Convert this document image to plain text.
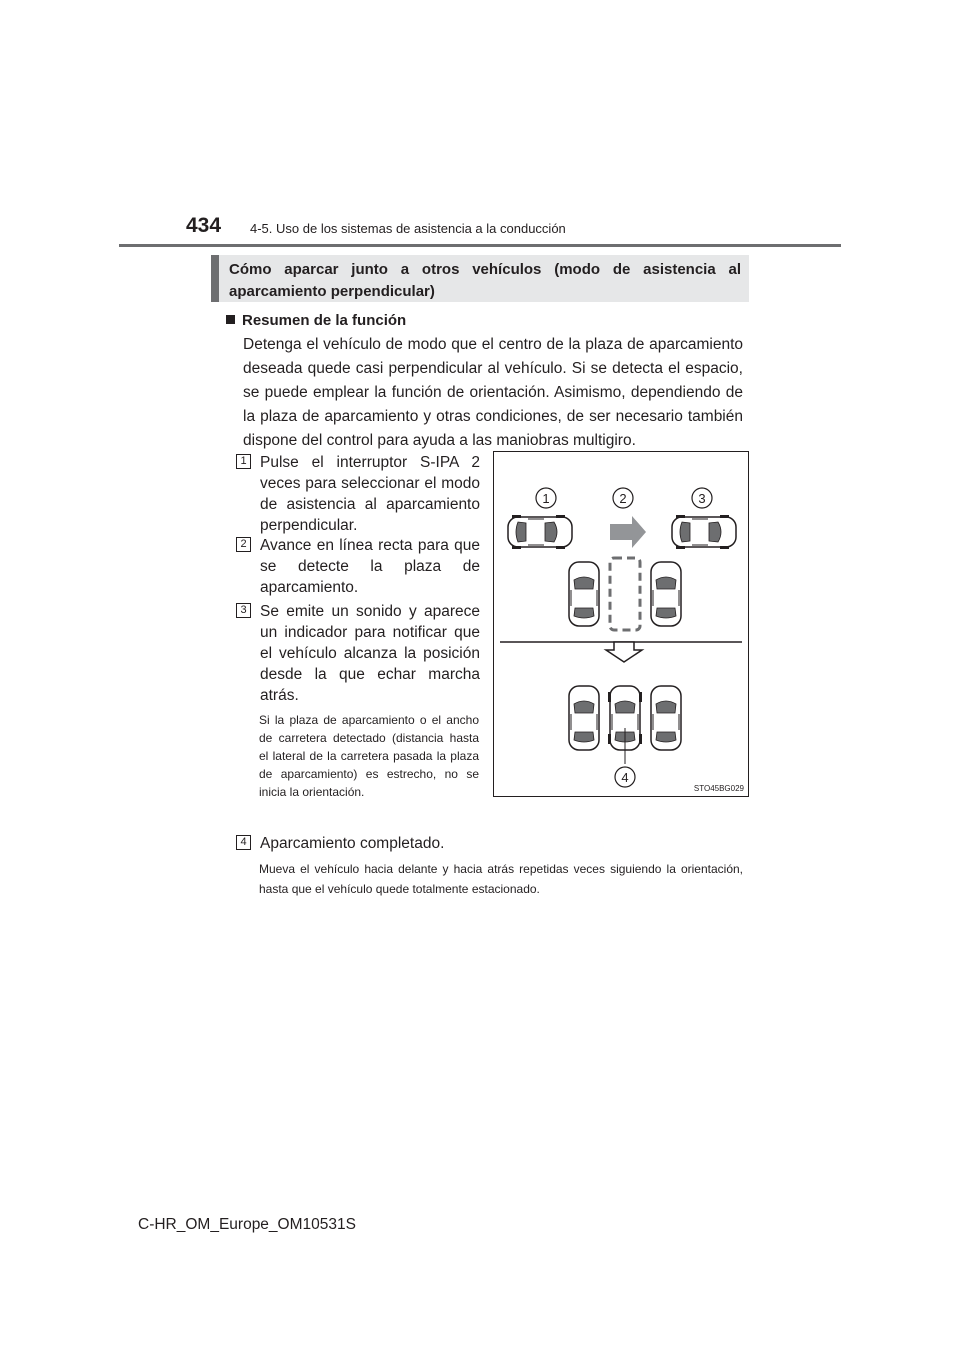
434 4-5. Uso de los sistemas de asistencia a la conducción
Cómo aparcar junto a otros vehículos (modo de asistencia al aparcamiento perpendicular)
Resumen de la función
Detenga el vehículo de modo que el centro de la plaza de aparcamiento deseada quede casi perpendicular al vehículo. Si se detecta el espacio, se puede emplear la función de orientación. Asimismo, dependiendo de la plaza de aparcamiento y otras condiciones, de ser necesario también dispone del control para ayuda a las maniobras multigiro.
1 Pulse el interruptor S-IPA 2 veces para seleccionar el modo de asistencia al aparcamiento perpendicular.
2 Avance en línea recta para que se detecte la plaza de aparcamiento.
3 Se emite un sonido y aparece un indicador para notificar que el vehículo alcanza la posición desde la que echar marcha atrás.
Si la plaza de aparcamiento o el ancho de carretera detectado (distancia hasta el lateral de la carretera pasada la plaza de aparcamiento) es estrecho, no se inicia la orientación.
4 Aparcamiento completado.
Mueva el vehículo hacia delante y hacia atrás repetidas veces siguiendo la orientación, hasta que el vehículo quede totalmente estacionado.
1	2	3
4
STO45BG029
C-HR_OM_Europe_OM10531S
